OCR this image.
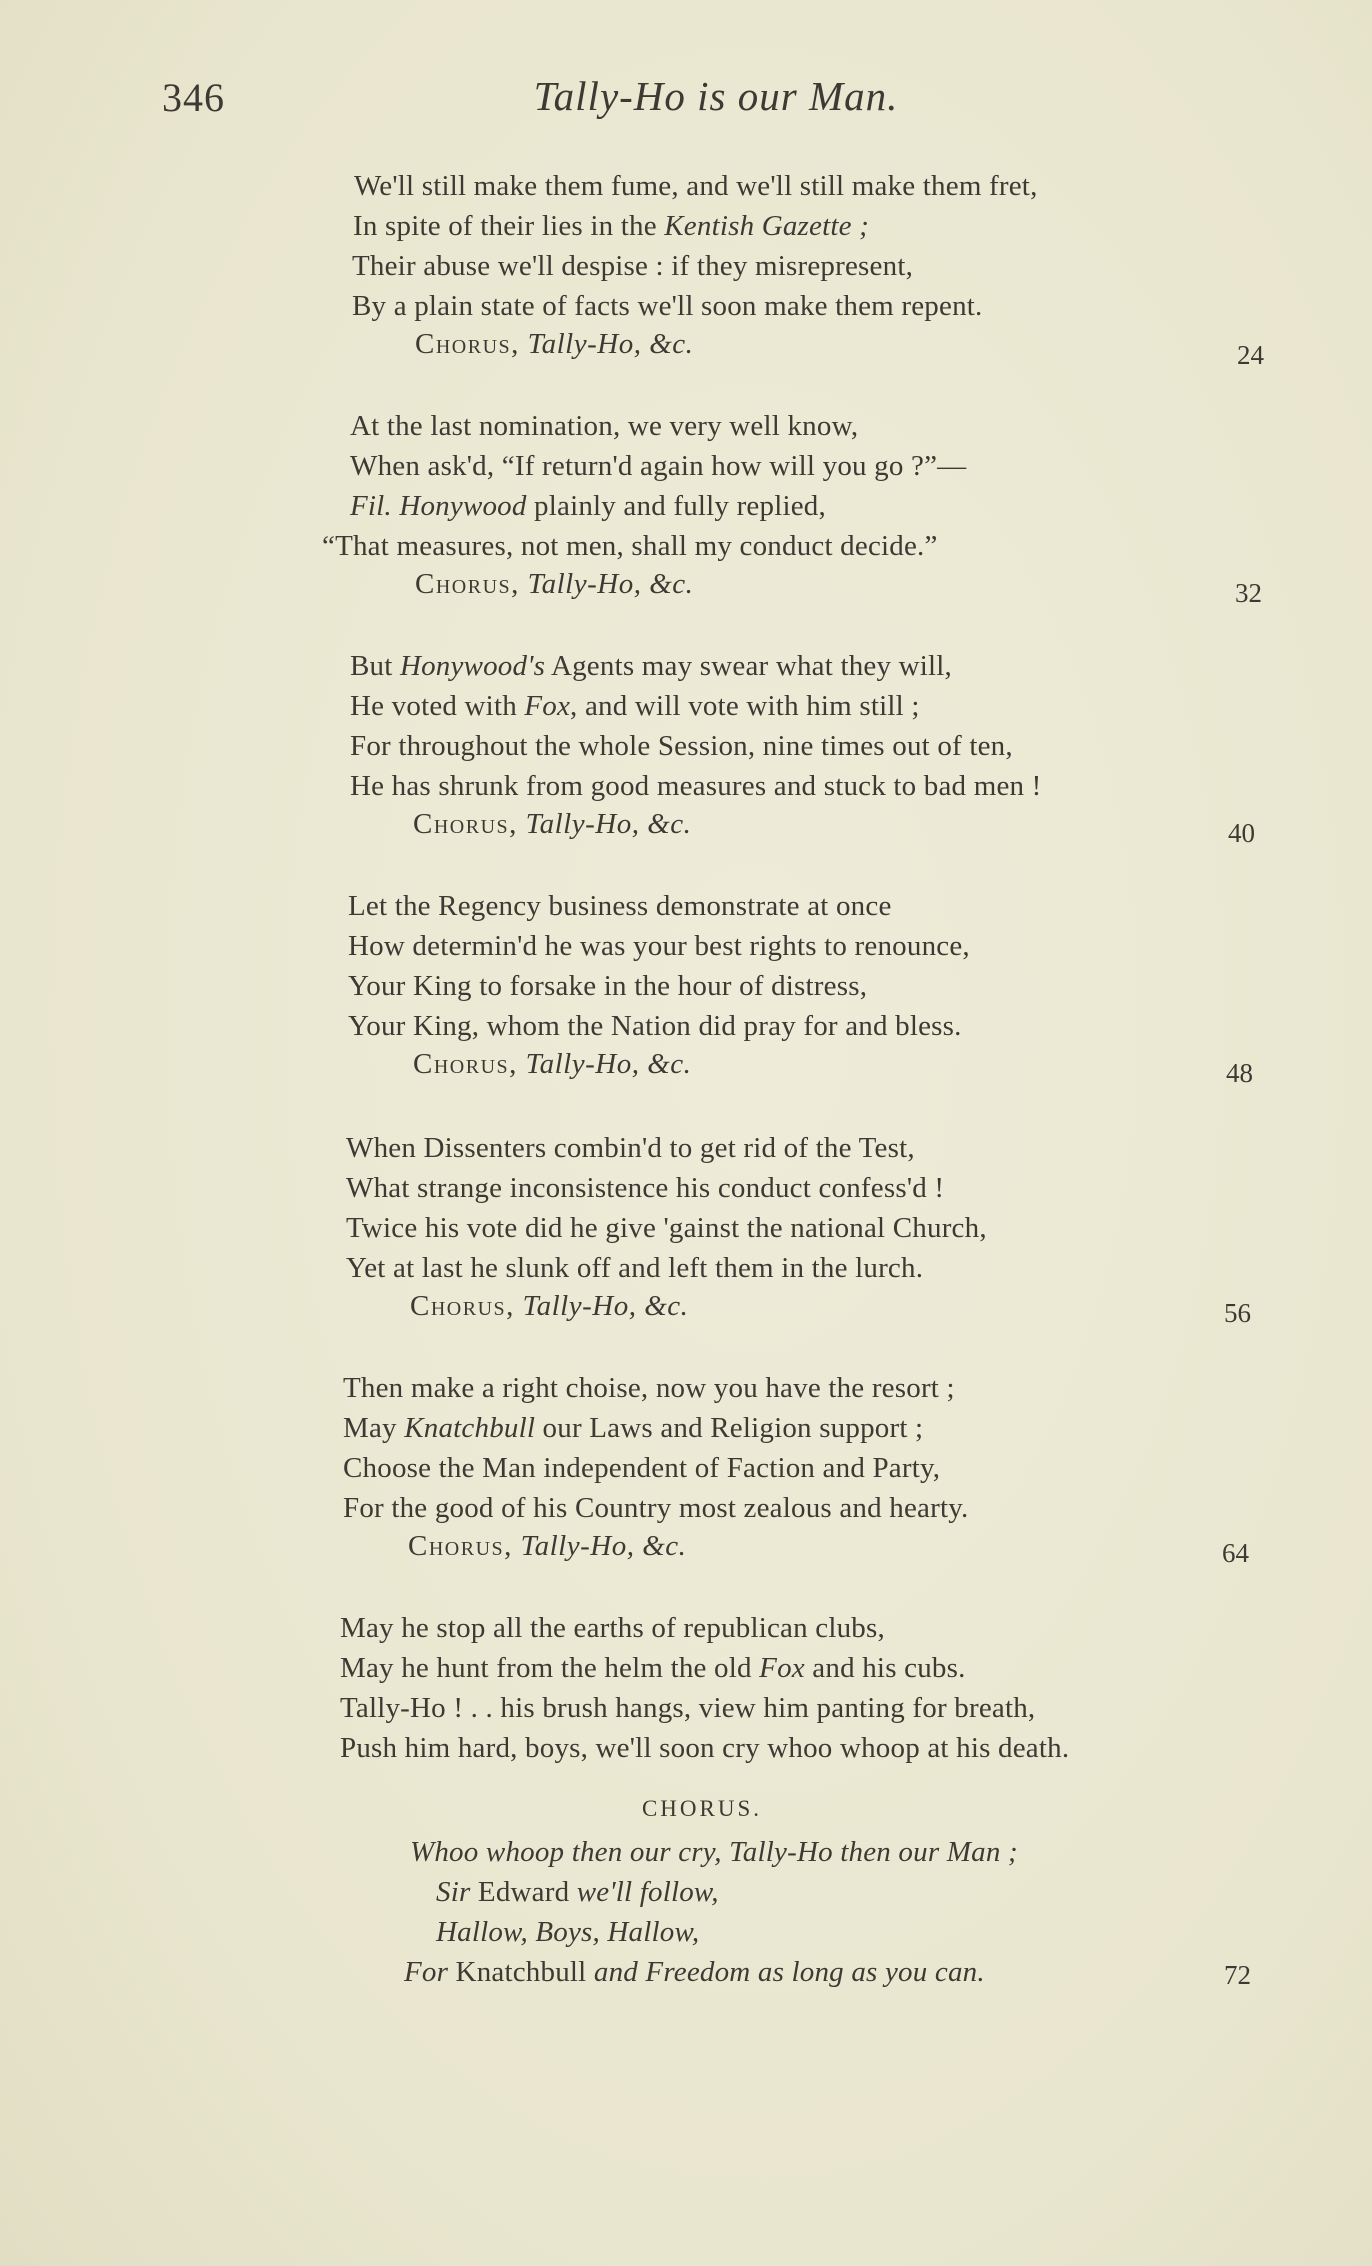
346	Tally-Ho is our Man.
We'll still make them fume, and we'll still make them fret,
In spite of their lies in the Kentish Gazette ;
Their abuse we'll despise : if they misrepresent,
By a plain state of facts we'll soon make them repent.
Chorus, Tally-Ho, &c.	24
At the last nomination, we very well know,
When ask'd, “If return'd again how will you go ?”—
Fil. Honywood plainly and fully replied,
“That measures, not men, shall my conduct decide.”
Chorus, Tally-Ho, &c.	32
But Honywood's Agents may swear what they will,
He voted with Fox, and will vote with him still ;
For throughout the whole Session, nine times out of ten,
He has shrunk from good measures and stuck to bad men !
Chorus, Tally-Ho, &c.	40
Let the Regency business demonstrate at once
How determin'd he was your best rights to renounce,
Your King to forsake in the hour of distress,
Your King, whom the Nation did pray for and bless.
Chorus, Tally-Ho, &c.	48
When Dissenters combin'd to get rid of the Test,
What strange inconsistence his conduct confess'd !
Twice his vote did he give 'gainst the national Church,
Yet at last he slunk off and left them in the lurch.
Chorus, Tally-Ho, &c.	56
Then make a right choise, now you have the resort ;
May Knatchbull our Laws and Religion support ;
Choose the Man independent of Faction and Party,
For the good of his Country most zealous and hearty.
Chorus, Tally-Ho, &c.	64
May he stop all the earths of republican clubs,
May he hunt from the helm the old Fox and his cubs.
Tally-Ho ! . . his brush hangs, view him panting for breath,
Push him hard, boys, we'll soon cry whoo whoop at his death.
CHORUS.
Whoo whoop then our cry, Tally-Ho then our Man ;
Sir Edward we'll follow,
Hallow, Boys, Hallow,
For Knatchbull and Freedom as long as you can.	72
